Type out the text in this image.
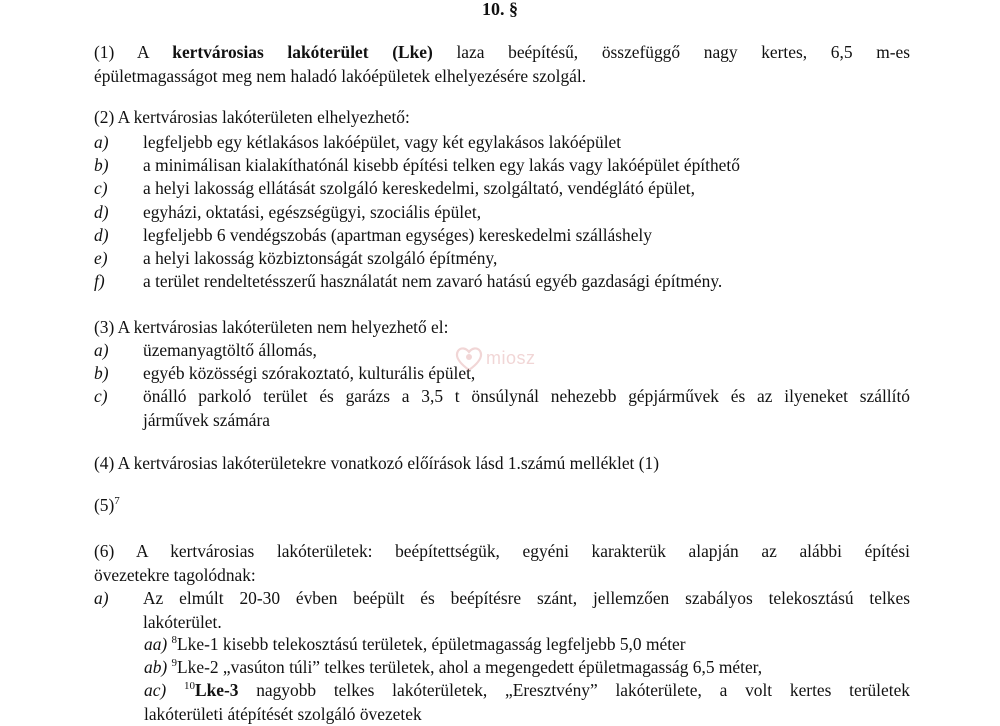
10. §
(1) A kertvárosias lakóterület (Lke) laza beépítésű, összefüggő nagy kertes, 6,5 m-es
épületmagasságot meg nem haladó lakóépületek elhelyezésére szolgál.
(2) A kertvárosias lakóterületen elhelyezhető:
a) legfeljebb egy kétlakásos lakóépület, vagy két egylakásos lakóépület
b) a minimálisan kialakíthatónál kisebb építési telken egy lakás vagy lakóépület építhető
c) a helyi lakosság ellátását szolgáló kereskedelmi, szolgáltató, vendéglátó épület,
d) egyházi, oktatási, egészségügyi, szociális épület,
d) legfeljebb 6 vendégszobás (apartman egységes) kereskedelmi szálláshely
e) a helyi lakosság közbiztonságát szolgáló építmény,
f) a terület rendeltetésszerű használatát nem zavaró hatású egyéb gazdasági építmény.
(3) A kertvárosias lakóterületen nem helyezhető el:
a) üzemanyagtöltő állomás,
b) egyéb közösségi szórakoztató, kulturális épület,
c) önálló parkoló terület és garázs a 3,5 t önsúlynál nehezebb gépjárművek és az ilyeneket szállító
járművek számára
(4) A kertvárosias lakóterületekre vonatkozó előírások lásd 1.számú melléklet (1)
$(5)^7$
(6) A kertvárosias lakóterületek: beépítettségük, egyéni karakterük alapján az alábbi építési
övezetekre tagolódnak:
a) Az elmúlt 20-30 évben beépült és beépítésre szánt, jellemzően szabályos telekosztású telkes
lakóterület.
aa) $^8$Lke-1 kisebb telekosztású területek, épületmagasság legfeljebb 5,0 méter
ab) $^9$Lke-2 „vasúton túli” telkes területek, ahol a megengedett épületmagasság 6,5 méter,
ac) $^{10}$Lke-3 nagyobb telkes lakóterületek, „Eresztvény” lakóterülete, a volt kertes területek
lakóterületi átépítését szolgáló övezetek
miosz
